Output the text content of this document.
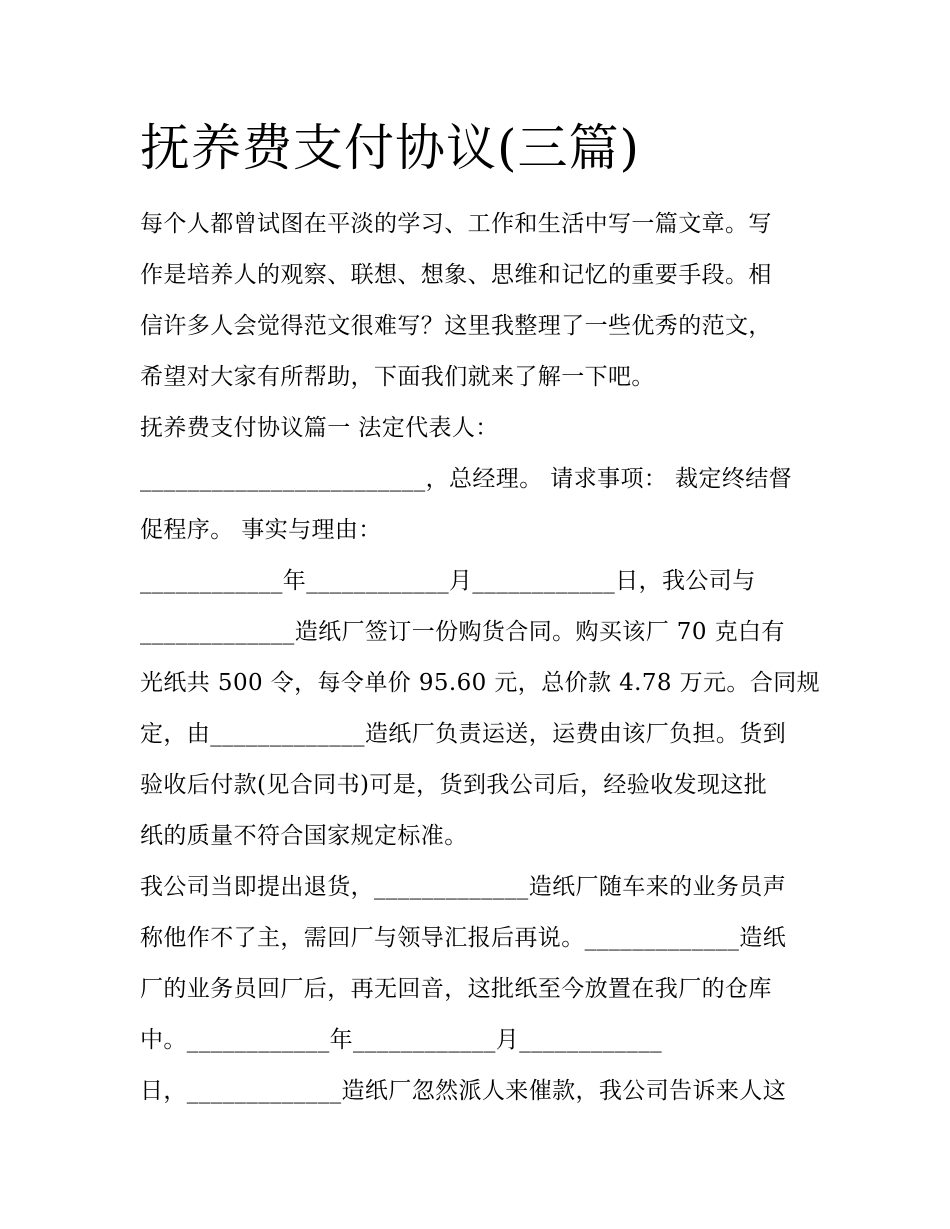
抚养费支付协议(三篇)
每个人都曾试图在平淡的学习、工作和生活中写一篇文章。写
作是培养人的观察、联想、想象、思维和记忆的重要手段。相
信许多人会觉得范文很难写？这里我整理了一些优秀的范文，
希望对大家有所帮助，下面我们就来了解一下吧。
抚养费支付协议篇一 法定代表人：
________________________，总经理。 请求事项： 裁定终结督
促程序。 事实与理由：
____________年____________月____________日，我公司与
_____________造纸厂签订一份购货合同。购买该厂 70 克白有
光纸共 500 令，每令单价 95.60 元，总价款 4.78 万元。合同规
定，由_____________造纸厂负责运送，运费由该厂负担。货到
验收后付款(见合同书)可是，货到我公司后，经验收发现这批
纸的质量不符合国家规定标准。
我公司当即提出退货，_____________造纸厂随车来的业务员声
称他作不了主，需回厂与领导汇报后再说。_____________造纸
厂的业务员回厂后，再无回音，这批纸至今放置在我厂的仓库
中。____________年____________月____________
日，_____________造纸厂忽然派人来催款，我公司告诉来人这
